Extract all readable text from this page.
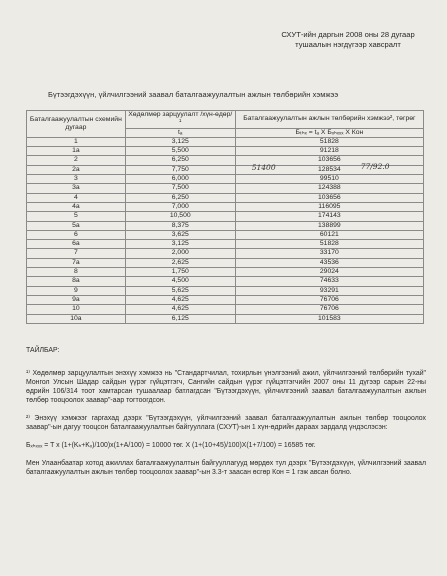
СХУТ-ийн даргын 2008 оны 28 дугаар
тушаалын нэгдүгээр хавсралт
Бүтээгдэхүүн, үйлчилгээний заавал баталгаажуулалтын ажлын төлбөрийн хэмжээ
Баталгаажуулалтын схемийн дугаар	Хөдөлмөр зарцуулалт /хүн-өдөр/¹	Баталгаажуулалтын ажлын төлбөрийн хэмжээ², төгрөг
	tₐ	Бₜₕₓ = tₐ X Бₓₕₓₓₓ X Кон
1	3,125	51828
1а	5,500	91218
2	6,250	103656
2а	7,750	128534
51400 77/92.0

3	6,000	99510
3а	7,500	124388
4	6,250	103656
4а	7,000	116095
5	10,500	174143
5а	8,375	138899
6	3,625	60121
6а	3,125	51828
7	2,000	33170
7а	2,625	43536
8	1,750	29024
8а	4,500	74633
9	5,625	93291
9а	4,625	76706
10	4,625	76706
10а	6,125	101583

ТАЙЛБАР:

¹⁾ Хөдөлмөр зарцуулалтын энэхүү хэмжээ нь "Стандартчилал, тохирлын үнэлгээний ажил, үйлчилгээний төлбөрийн тухай" Монгол Улсын Шадар сайдын үүрэг гүйцэтгэгч, Сангийн сайдын үүрэг гүйцэтгэгчийн 2007 оны 11 дүгээр сарын 22-ны өдрийн 106/314 тоот хамтарсан тушаалаар батлагдсан "Бүтээгдэхүүн, үйлчилгээний заавал баталгаажуулалтын ажлын төлбөр тооцоолох заавар"-аар тогтоогдсон.

²⁾ Энэхүү хэмжээг гаргахад дээрх "Бүтээгдэхүүн, үйлчилгээний заавал баталгаажуулалтын ажлын төлбөр тооцоолох заавар"-ын дагуу тооцсон баталгаажуулалтын байгууллага (СХУТ)-ын 1 хүн-өдрийн дараах зардалд үндэслэсэн:

Бₓₕₓₓₓ = T x (1+(Kₕ+Kₓ)/100)x(1+A/100) = 10000 төг. X (1+(10+45)/100)X(1+7/100) = 16585 төг.

Мен Улаанбаатар хотод ажиллах баталгаажуулалтын байгууллагууд мөрдөх тул дээрх "Бүтээгдэхүүн, үйлчилгээний заавал баталгаажуулалтын ажлын төлбөр тооцоолох заавар"-ын 3.3-т заасан өсгөр Кон = 1 гэж авсан болно.
